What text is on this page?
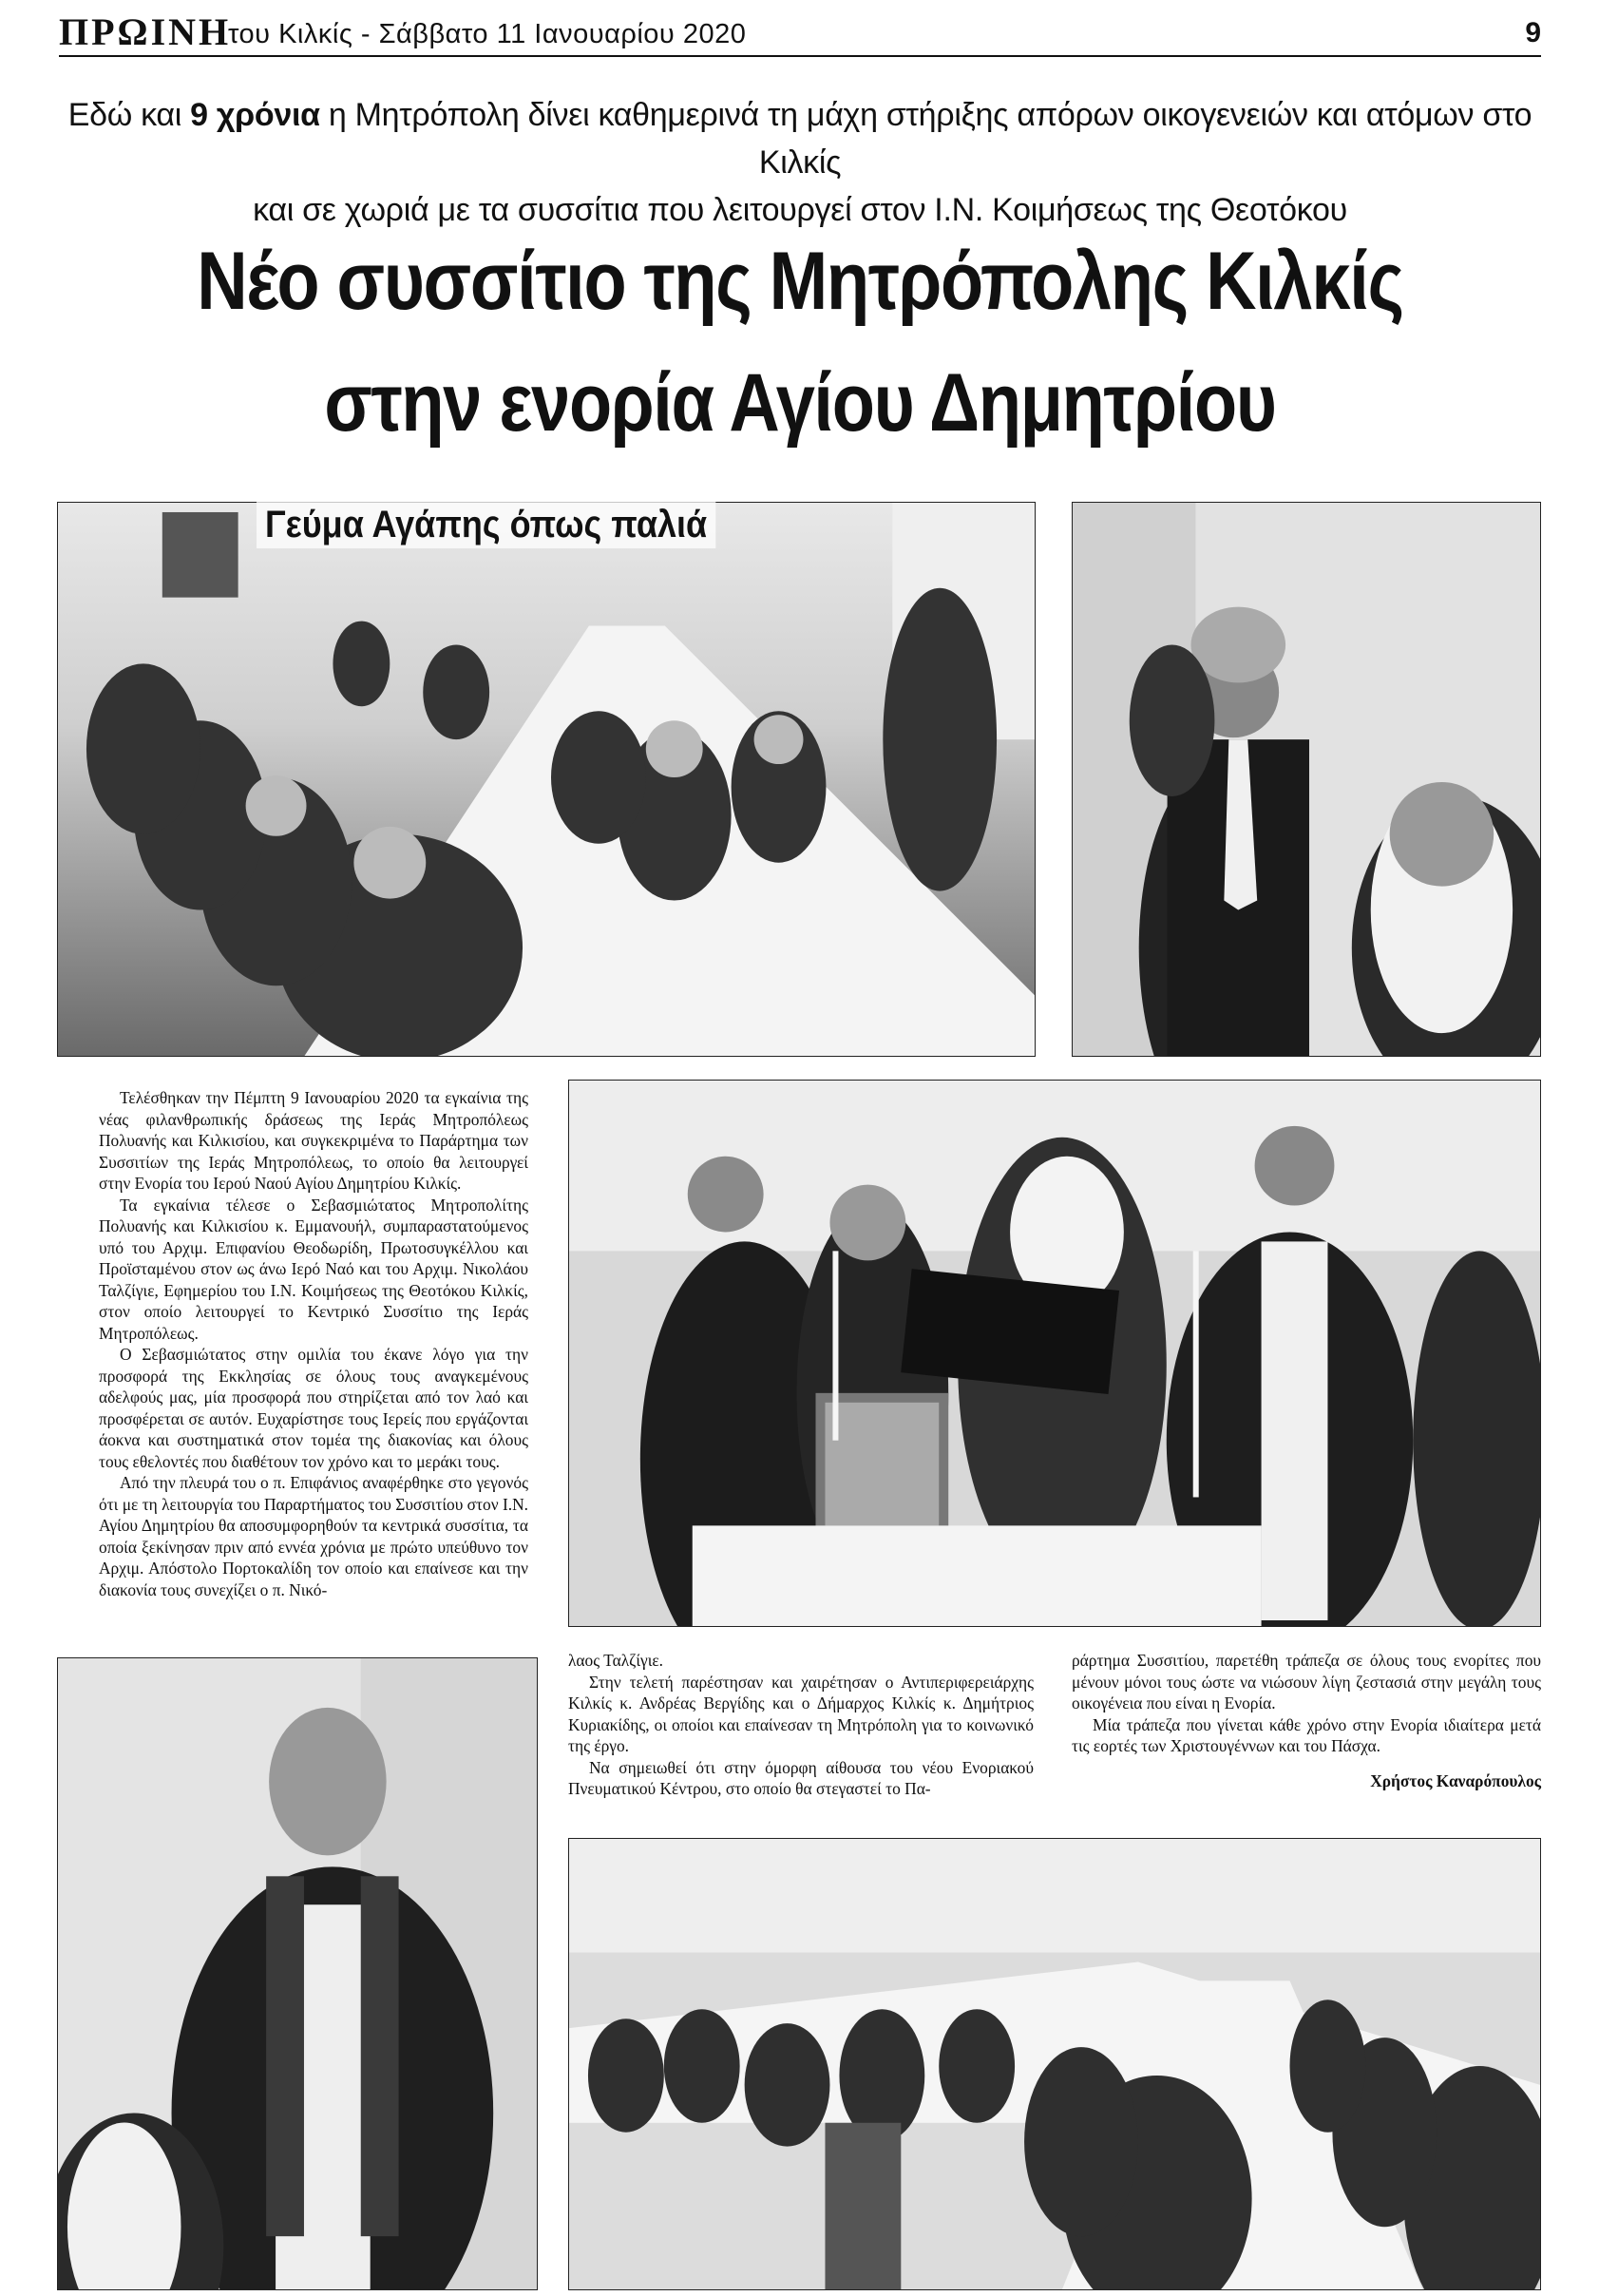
ΠΡΩΙΝΗ
του Κιλκίς - Σάββατο 11 Ιανουαρίου 2020	9
Εδώ και 9 χρόνια η Μητρόπολη δίνει καθημερινά τη μάχη στήριξης απόρων οικογενειών και ατόμων στο Κιλκίς
και σε χωριά με τα συσσίτια που λειτουργεί στον Ι.Ν. Κοιμήσεως της Θεοτόκου
Νέο συσσίτιο της Μητρόπολης Κιλκίς
στην ενορία Αγίου Δημητρίου
Γεύμα Αγάπης όπως παλιά

Τελέσθηκαν την Πέμπτη 9 Ιανουαρίου 2020 τα εγκαίνια της νέας φιλανθρωπικής δράσεως της Ιεράς Μητροπόλεως Πολυανής και Κιλκισίου, και συγκεκριμένα το Παράρτημα των Συσσιτίων της Ιεράς Μητροπόλεως, το οποίο θα λειτουργεί στην Ενορία του Ιερού Ναού Αγίου Δημητρίου Κιλκίς.

Τα εγκαίνια τέλεσε ο Σεβασμιώτατος Μητροπολίτης Πολυανής και Κιλκισίου κ. Εμμανουήλ, συμπαραστατούμενος υπό του Αρχιμ. Επιφανίου Θεοδωρίδη, Πρωτοσυγκέλλου και Προϊσταμένου στον ως άνω Ιερό Ναό και του Αρχιμ. Νικολάου Ταλζίγιε, Εφημερίου του Ι.Ν. Κοιμήσεως της Θεοτόκου Κιλκίς, στον οποίο λειτουργεί το Κεντρικό Συσσίτιο της Ιεράς Μητροπόλεως.

Ο Σεβασμιώτατος στην ομιλία του έκανε λόγο για την προσφορά της Εκκλησίας σε όλους τους αναγκεμένους αδελφούς μας, μία προσφορά που στηρίζεται από τον λαό και προσφέρεται σε αυτόν. Ευχαρίστησε τους Ιερείς που εργάζονται άοκνα και συστηματικά στον τομέα της διακονίας και όλους τους εθελοντές που διαθέτουν τον χρόνο και το μεράκι τους.

Από την πλευρά του ο π. Επιφάνιος αναφέρθηκε στο γεγονός ότι με τη λειτουργία του Παραρτήματος του Συσσιτίου στον Ι.Ν. Αγίου Δημητρίου θα αποσυμφορηθούν τα κεντρικά συσσίτια, τα οποία ξεκίνησαν πριν από εννέα χρόνια με πρώτο υπεύθυνο τον Αρχιμ. Απόστολο Πορτοκαλίδη τον οποίο και επαίνεσε και την διακονία τους συνεχίζει ο π. Νικό-

λαος Ταλζίγιε.

Στην τελετή παρέστησαν και χαιρέτησαν ο Αντιπεριφερειάρχης Κιλκίς κ. Ανδρέας Βεργίδης και ο Δήμαρχος Κιλκίς κ. Δημήτριος Κυριακίδης, οι οποίοι και επαίνεσαν τη Μητρόπολη για το κοινωνικό της έργο.

Να σημειωθεί ότι στην όμορφη αίθουσα του νέου Ενοριακού Πνευματικού Κέντρου, στο οποίο θα στεγαστεί το Πα-

ράρτημα Συσσιτίου, παρετέθη τράπεζα σε όλους τους ενορίτες που μένουν μόνοι τους ώστε να νιώσουν λίγη ζεστασιά στην μεγάλη τους οικογένεια που είναι η Ενορία.

Μία τράπεζα που γίνεται κάθε χρόνο στην Ενορία ιδιαίτερα μετά τις εορτές των Χριστουγέννων και του Πάσχα.

Χρήστος Καναρόπουλος
